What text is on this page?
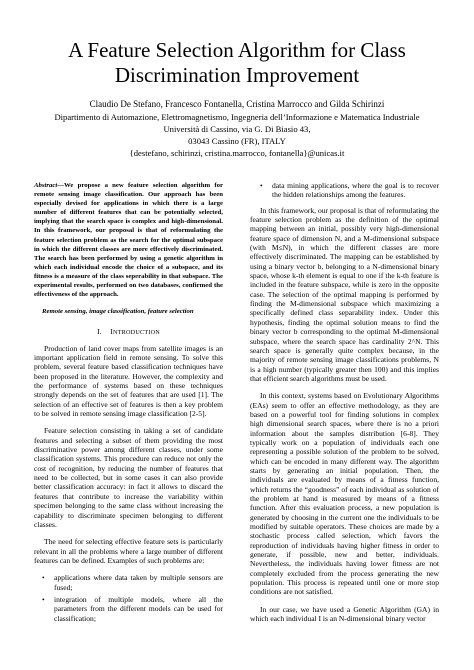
A Feature Selection Algorithm for Class
Discrimination Improvement
Claudio De Stefano, Francesco Fontanella, Cristina Marrocco and Gilda Schirinzi
Dipartimento di Automazione, Elettromagnetismo, Ingegneria dell’Informazione e Matematica Industriale
Università di Cassino, via G. Di Biasio 43,
03043 Cassino (FR), ITALY
{destefano, schirinzi, cristina.marrocco, fontanella}@unicas.it

Abstract—We propose a new feature selection algorithm for remote sensing image classification. Our approach has been especially devised for applications in which there is a large number of different features that can be potentially selected, implying that the search space is complex and high-dimensional. In this framework, our proposal is that of reformulating the feature selection problem as the search for the optimal subspace in which the different classes are more effectively discriminated. The search has been performed by using a genetic algorithm in which each individual encode the choice of a subspace, and its fitness is a measure of the class seperability in that subspace. The experimental results, performed on two databases, confirmed the effectiveness of the approach.

Remote sensing, image classification, feature selection
I. INTRODUCTION

Production of land cover maps from satellite images is an important application field in remote sensing. To solve this problem, several feature based classification techniques have been proposed in the literature. However, the complexity and the performance of systems based on these techniques strongly depends on the set of features that are used [1]. The selection of an effective set of features is then a key problem to be solved in remote sensing image classification [2-5].

Feature selection consisting in taking a set of candidate features and selecting a subset of them providing the most discriminative power among different classes, under some classification systems. This procedure can reduce not only the cost of recognition, by reducing the number of features that need to be collected, but in some cases it can also provide better classification accuracy: in fact it allows to discard the features that contribute to increase the variability within specimen belonging to the same class without increasing the capability to discriminate specimen belonging to different classes.

The need for selecting effective feature sets is particularly relevant in all the problems where a large number of different features can be defined. Examples of such problems are:

• applications where data taken by multiple sensors are fused;
• integration of multiple models, where all the parameters from the different models can be used for classification;
• data mining applications, where the goal is to recover the hidden relationships among the features.

In this framework, our proposal is that of reformulating the feature selection problem as the definition of the optimal mapping between an initial, possibly very high-dimensional feature space of dimension N, and a M-dimensional subspace (with M≤N), in which the different classes are more effectively discriminated. The mapping can be established by using a binary vector b, belonging to a N-dimensional binary space, whose k-th element is equal to one if the k-th feature is included in the feature subspace, while is zero in the opposite case. The selection of the optimal mapping is performed by finding the M-dimensional subspace which maximizing a specifically defined class separability index. Under this hypothesis, finding the optimal solution means to find the binary vector b corresponding to the optimal M-dimensional subspace, where the search space has cardinality 2^N. This search space is generally quite complex because, in the majority of remote sensing image classifications problems, N is a high number (typically greater then 100) and this implies that efficient search algorithms must be used.

In this context, systems based on Evolutionary Algorithms (EAs) seem to offer an effective methodology, as they are based on a powerful tool for finding solutions in complex high dimensional search spaces, where there is no a priori information about the samples distribution [6-8]. They typically work on a population of individuals each one representing a possible solution of the problem to be solved, which can be encoded in many different way. The algorithm starts by generating an initial population. Then, the individuals are evaluated by means of a fitness function, which returns the “goodness” of each individual as solution of the problem at hand is measured by means of a fitness function. After this evaluation process, a new population is generated by choosing in the current one the individuals to be modified by suitable operators. These choices are made by a stochastic process called selection, which favors the reproduction of individuals having higher fitness in order to generate, if possible, new and better, individuals. Nevertheless, the individuals having lower fitness are not completely excluded from the process generating the new population. This process is repeated until one or more stop conditions are not satisfied.

In our case, we have used a Genetic Algorithm (GA) in which each individual I is an N-dimensional binary vector
